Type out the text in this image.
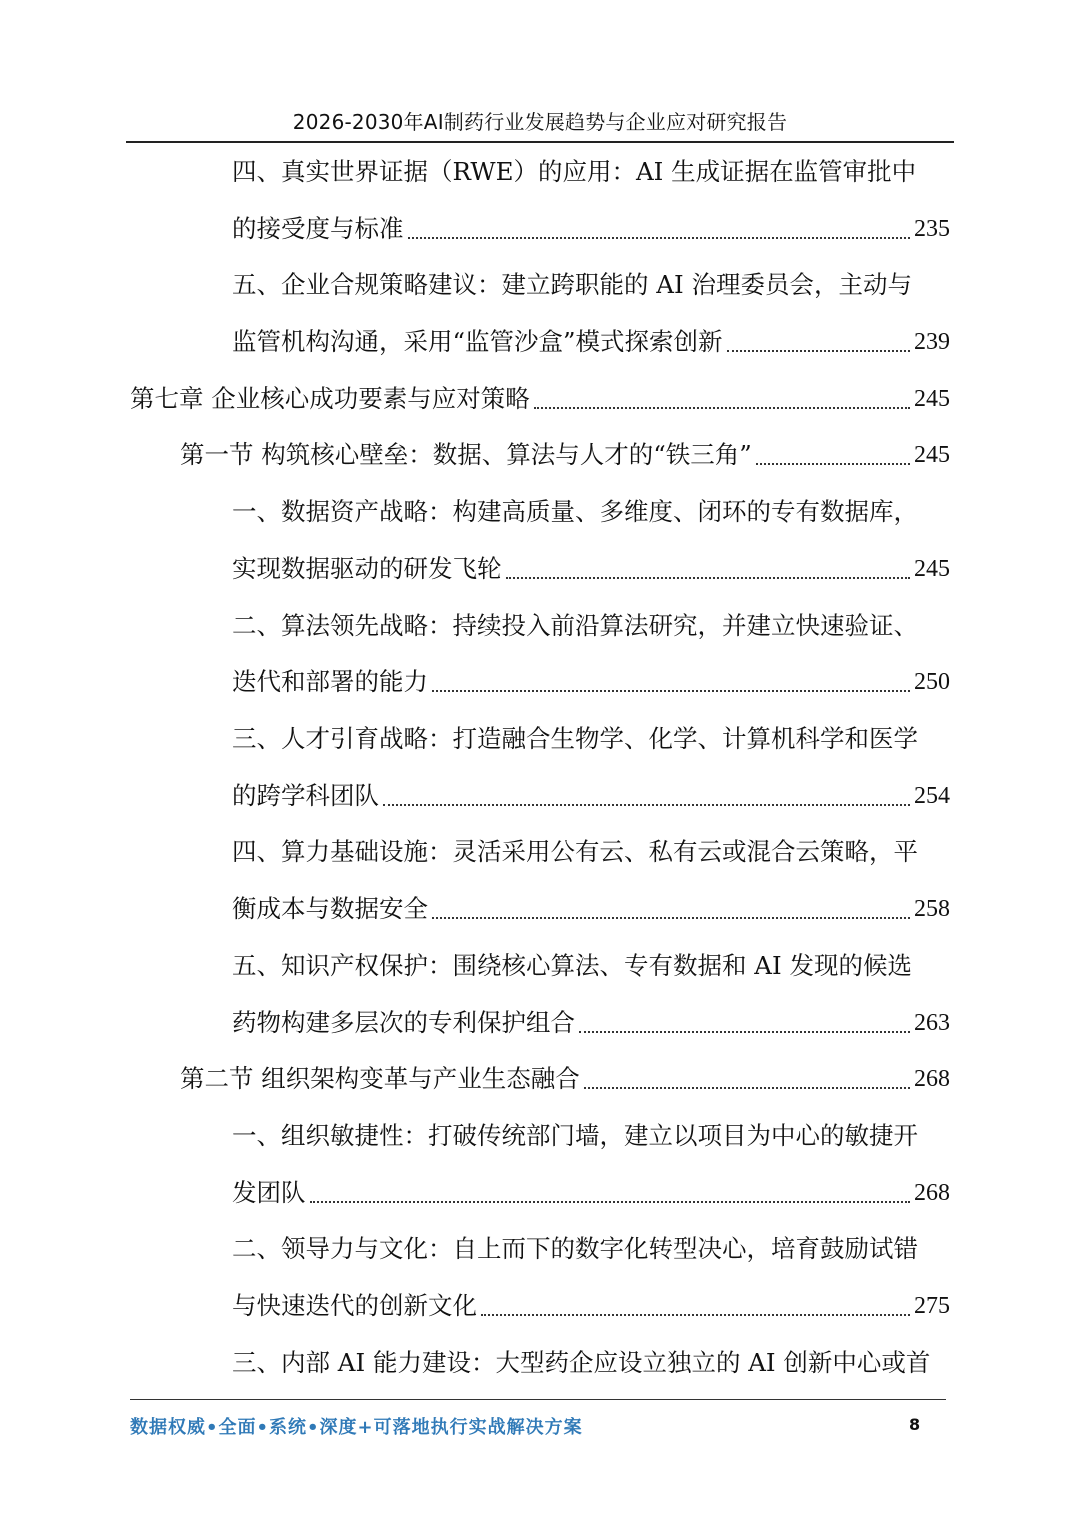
2026-2030年AI制药行业发展趋势与企业应对研究报告
四、真实世界证据（RWE）的应用：AI 生成证据在监管审批中
的接受度与标准	235
五、企业合规策略建议：建立跨职能的 AI 治理委员会，主动与
监管机构沟通，采用“监管沙盒”模式探索创新	239
第七章 企业核心成功要素与应对策略	245
第一节 构筑核心壁垒：数据、算法与人才的“铁三角”	245
一、数据资产战略：构建高质量、多维度、闭环的专有数据库，
实现数据驱动的研发飞轮	245
二、算法领先战略：持续投入前沿算法研究，并建立快速验证、
迭代和部署的能力	250
三、人才引育战略：打造融合生物学、化学、计算机科学和医学
的跨学科团队	254
四、算力基础设施：灵活采用公有云、私有云或混合云策略，平
衡成本与数据安全	258
五、知识产权保护：围绕核心算法、专有数据和 AI 发现的候选
药物构建多层次的专利保护组合	263
第二节 组织架构变革与产业生态融合	268
一、组织敏捷性：打破传统部门墙，建立以项目为中心的敏捷开
发团队	268
二、领导力与文化：自上而下的数字化转型决心，培育鼓励试错
与快速迭代的创新文化	275
三、内部 AI 能力建设：大型药企应设立独立的 AI 创新中心或首
数据权威•全面•系统•深度+可落地执行实战解决方案	8
